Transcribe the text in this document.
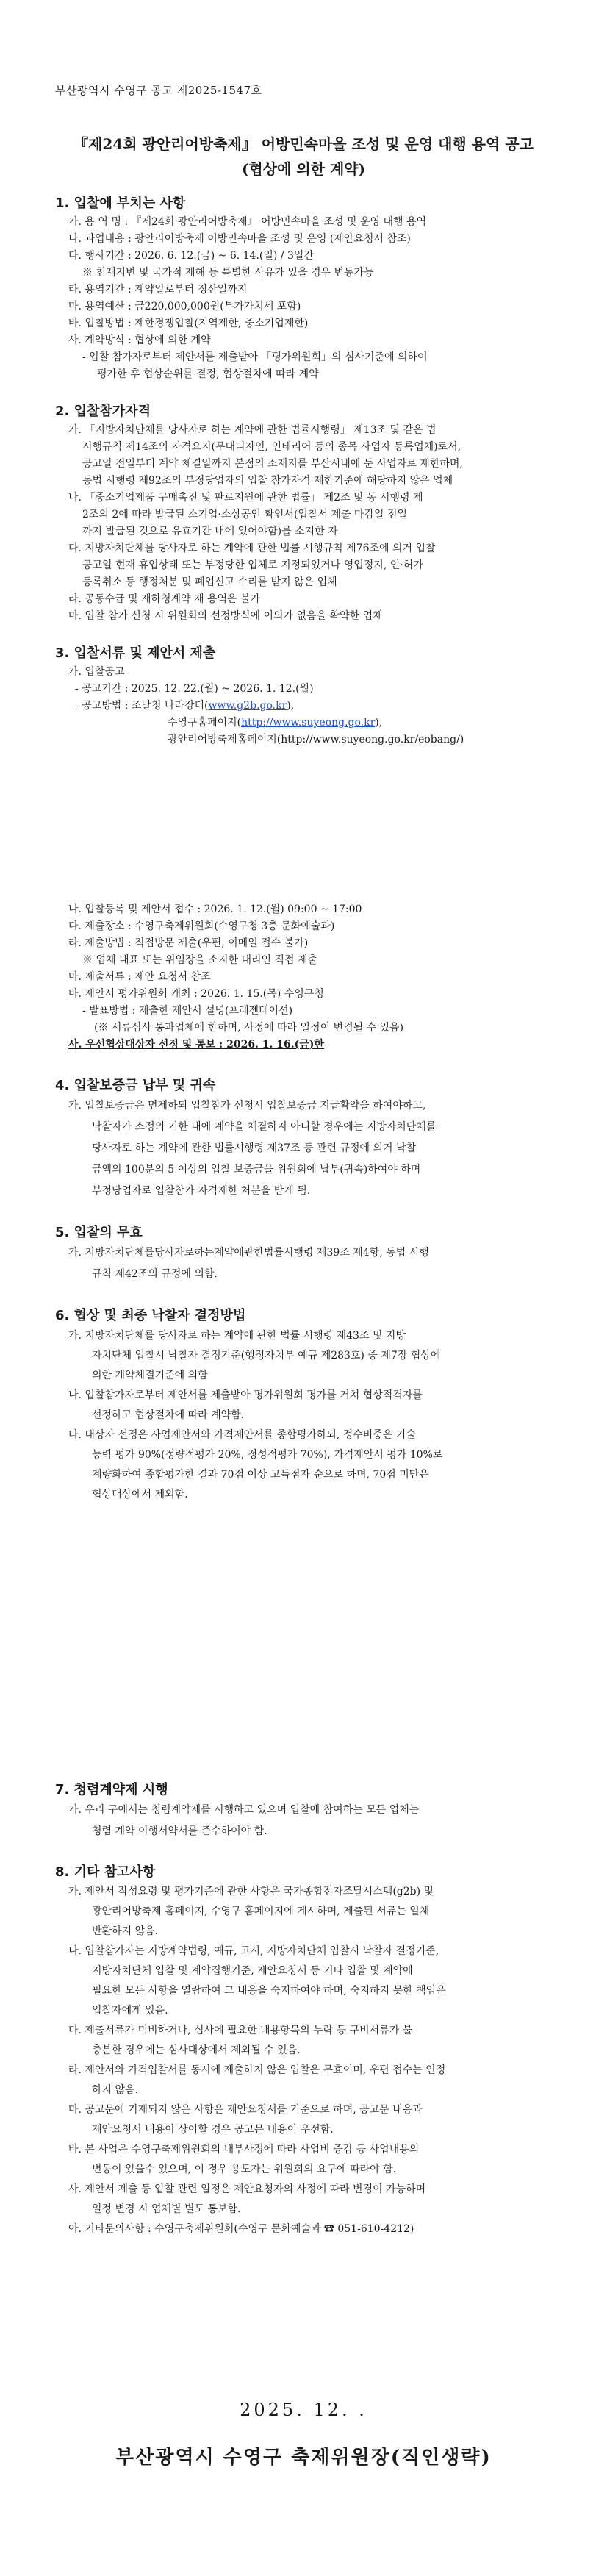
부산광역시 수영구 공고 제2025-1547호
『제24회 광안리어방축제』 어방민속마을 조성 및 운영 대행 용역 공고
(협상에 의한 계약)
1. 입찰에 부치는 사항
가. 용 역 명 : 『제24회 광안리어방축제』 어방민속마을 조성 및 운영 대행 용역
나. 과업내용 : 광안리어방축제 어방민속마을 조성 및 운영 (제안요청서 참조)
다. 행사기간 : 2026. 6. 12.(금) ~ 6. 14.(일) / 3일간
※ 천재지변 및 국가적 재해 등 특별한 사유가 있을 경우 변동가능
라. 용역기간 : 계약일로부터 정산일까지
마. 용역예산 : 금220,000,000원(부가가치세 포함)
바. 입찰방법 : 제한경쟁입찰(지역제한, 중소기업제한)
사. 계약방식 : 협상에 의한 계약
- 입찰 참가자로부터 제안서를 제출받아 「평가위원회」의 심사기준에 의하여
평가한 후 협상순위를 결정, 협상절차에 따라 계약
2. 입찰참가자격
가. 「지방자치단체를 당사자로 하는 계약에 관한 법률시행령」 제13조 및 같은 법
시행규칙 제14조의 자격요지(무대디자인, 인테리어 등의 종목 사업자 등록업체)로서,
공고일 전일부터 계약 체결일까지 본점의 소재지를 부산시내에 둔 사업자로 제한하며,
동법 시행령 제92조의 부정당업자의 입찰 참가자격 제한기준에 해당하지 않은 업체
나. 「중소기업제품 구매촉진 및 판로지원에 관한 법률」 제2조 및 동 시행령 제
2조의 2에 따라 발급된 소기업·소상공인 확인서(입찰서 제출 마감일 전일
까지 발급된 것으로 유효기간 내에 있어야함)를 소지한 자
다. 지방자치단체를 당사자로 하는 계약에 관한 법률 시행규칙 제76조에 의거 입찰
공고일 현재 휴업상태 또는 부정당한 업체로 지정되었거나 영업정지, 인·허가
등록취소 등 행정처분 및 폐업신고 수리를 받지 않은 업체
라. 공동수급 및 재하청계약 재 용역은 불가
마. 입찰 참가 신청 시 위원회의 선정방식에 이의가 없음을 확약한 업체
3. 입찰서류 및 제안서 제출
가. 입찰공고
- 공고기간 : 2025. 12. 22.(월) ~ 2026. 1. 12.(월)
- 공고방법 : 조달청 나라장터(www.g2b.go.kr),
수영구홈페이지(http://www.suyeong.go.kr),
광안리어방축제홈페이지(http://www.suyeong.go.kr/eobang/)
나. 입찰등록 및 제안서 접수 : 2026. 1. 12.(월) 09:00 ~ 17:00
다. 제출장소 : 수영구축제위원회(수영구청 3층 문화예술과)
라. 제출방법 : 직접방문 제출(우편, 이메일 접수 불가)
※ 업체 대표 또는 위임장을 소지한 대리인 직접 제출
마. 제출서류 : 제안 요청서 참조
바. 제안서 평가위원회 개최 : 2026. 1. 15.(목) 수영구청
- 발표방법 : 제출한 제안서 설명(프레젠테이션)
(※ 서류심사 통과업체에 한하며, 사정에 따라 일정이 변경될 수 있음)
사. 우선협상대상자 선정 및 통보 : 2026. 1. 16.(금)한
4. 입찰보증금 납부 및 귀속
가. 입찰보증금은 면제하되 입찰참가 신청시 입찰보증금 지급확약을 하여야하고,
낙찰자가 소정의 기한 내에 계약을 체결하지 아니할 경우에는 지방자치단체를
당사자로 하는 계약에 관한 법률시행령 제37조 등 관련 규정에 의거 낙찰
금액의 100분의 5 이상의 입찰 보증금을 위원회에 납부(귀속)하여야 하며
부정당업자로 입찰참가 자격제한 처분을 받게 됨.
5. 입찰의 무효
가. 지방자치단체를당사자로하는계약에관한법률시행령 제39조 제4항, 동법 시행
규칙 제42조의 규정에 의함.
6. 협상 및 최종 낙찰자 결정방법
가. 지방자치단체를 당사자로 하는 계약에 관한 법률 시행령 제43조 및 지방
자치단체 입찰시 낙찰자 결정기준(행정자치부 예규 제283호) 중 제7장 협상에
의한 계약체결기준에 의함
나. 입찰참가자로부터 제안서를 제출받아 평가위원회 평가를 거쳐 협상적격자를
선정하고 협상절차에 따라 계약함.
다. 대상자 선정은 사업제안서와 가격제안서를 종합평가하되, 정수비중은 기술
능력 평가 90%(정량적평가 20%, 정성적평가 70%), 가격제안서 평가 10%로
계량화하여 종합평가한 결과 70점 이상 고득점자 순으로 하며, 70점 미만은
협상대상에서 제외함.
7. 청렴계약제 시행
가. 우리 구에서는 청렴계약제를 시행하고 있으며 입찰에 참여하는 모든 업체는
청렴 계약 이행서약서를 준수하여야 함.
8. 기타 참고사항
가. 제안서 작성요령 및 평가기준에 관한 사항은 국가종합전자조달시스템(g2b) 및
광안리어방축제 홈페이지, 수영구 홈페이지에 게시하며, 제출된 서류는 일체
반환하지 않음.
나. 입찰참가자는 지방계약법령, 예규, 고시, 지방자치단체 입찰시 낙찰자 결정기준,
지방자치단체 입찰 및 계약집행기준, 제안요청서 등 기타 입찰 및 계약에
필요한 모든 사항을 열람하여 그 내용을 숙지하여야 하며, 숙지하지 못한 책임은
입찰자에게 있음.
다. 제출서류가 미비하거나, 심사에 필요한 내용항목의 누락 등 구비서류가 불
충분한 경우에는 심사대상에서 제외될 수 있음.
라. 제안서와 가격입찰서를 동시에 제출하지 않은 입찰은 무효이며, 우편 접수는 인정
하지 않음.
마. 공고문에 기재되지 않은 사항은 제안요청서를 기준으로 하며, 공고문 내용과
제안요청서 내용이 상이할 경우 공고문 내용이 우선함.
바. 본 사업은 수영구축제위원회의 내부사정에 따라 사업비 증감 등 사업내용의
변동이 있을수 있으며, 이 경우 용도자는 위원회의 요구에 따라야 함.
사. 제안서 제출 등 입찰 관련 일정은 제안요청자의 사정에 따라 변경이 가능하며
일정 변경 시 업체별 별도 통보함.
아. 기타문의사항 : 수영구축제위원회(수영구 문화예술과 ☎ 051-610-4212)
2025. 12. .
부산광역시 수영구 축제위원장(직인생략)
